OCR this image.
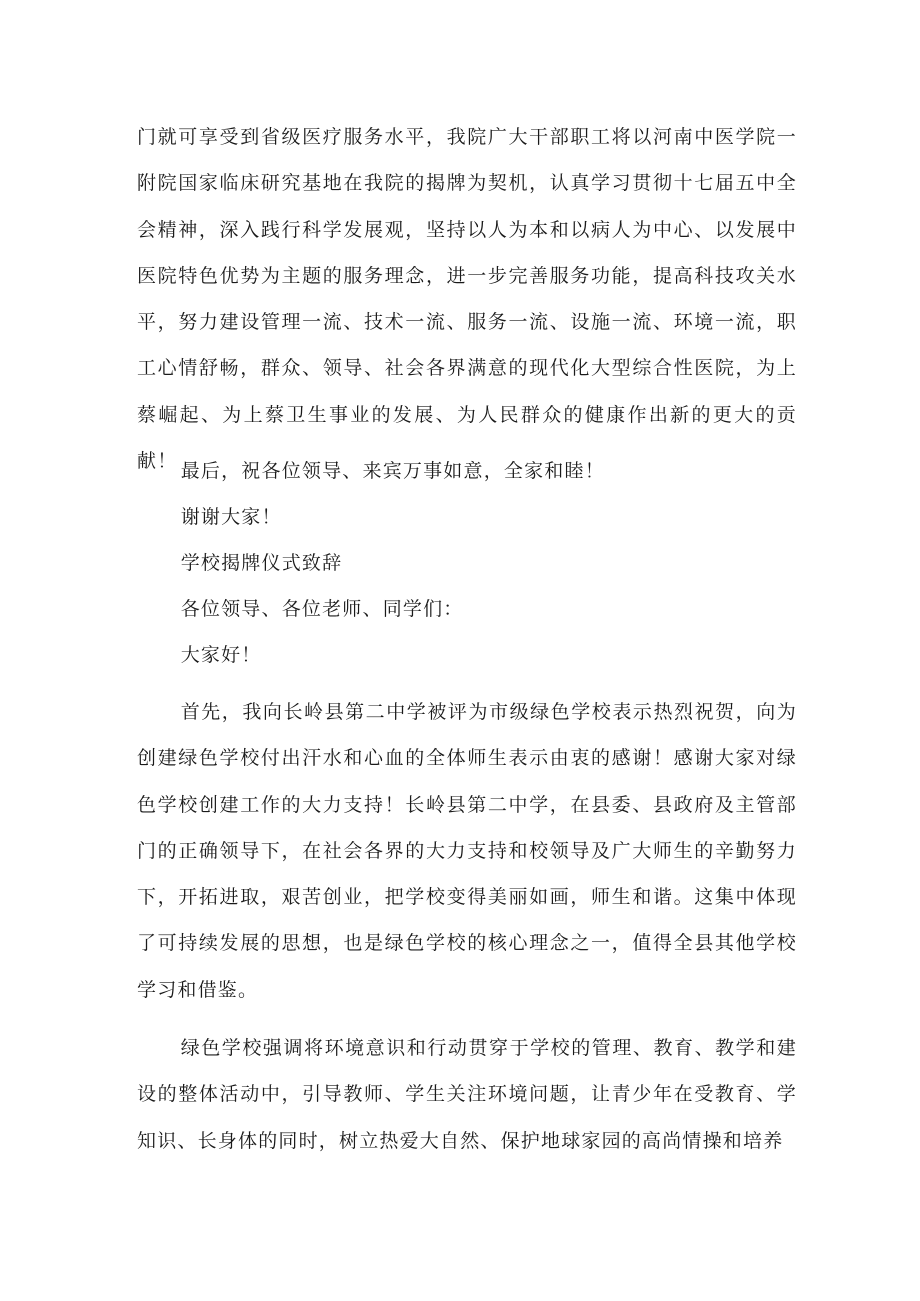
门就可享受到省级医疗服务水平，我院广大干部职工将以河南中医学院一附院国家临床研究基地在我院的揭牌为契机，认真学习贯彻十七届五中全会精神，深入践行科学发展观，坚持以人为本和以病人为中心、以发展中医院特色优势为主题的服务理念，进一步完善服务功能，提高科技攻关水平，努力建设管理一流、技术一流、服务一流、设施一流、环境一流，职工心情舒畅，群众、领导、社会各界满意的现代化大型综合性医院，为上蔡崛起、为上蔡卫生事业的发展、为人民群众的健康作出新的更大的贡献！ 最后，祝各位领导、来宾万事如意，全家和睦！

谢谢大家！

学校揭牌仪式致辞

各位领导、各位老师、同学们：

大家好！

首先，我向长岭县第二中学被评为市级绿色学校表示热烈祝贺，向为创建绿色学校付出汗水和心血的全体师生表示由衷的感谢！感谢大家对绿色学校创建工作的大力支持！长岭县第二中学，在县委、县政府及主管部门的正确领导下，在社会各界的大力支持和校领导及广大师生的辛勤努力下，开拓进取，艰苦创业，把学校变得美丽如画，师生和谐。这集中体现了可持续发展的思想，也是绿色学校的核心理念之一，值得全县其他学校学习和借鉴。

绿色学校强调将环境意识和行动贯穿于学校的管理、教育、教学和建设的整体活动中，引导教师、学生关注环境问题，让青少年在受教育、学知识、长身体的同时，树立热爱大自然、保护地球家园的高尚情操和培养
